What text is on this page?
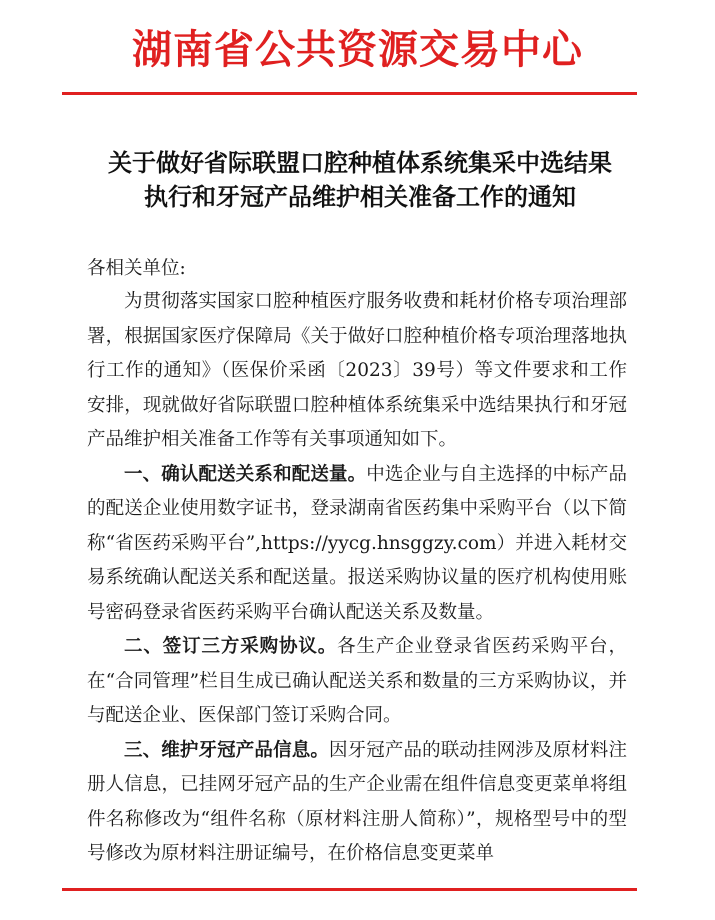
湖南省公共资源交易中心
关于做好省际联盟口腔种植体系统集采中选结果
执行和牙冠产品维护相关准备工作的通知
各相关单位:

为贯彻落实国家口腔种植医疗服务收费和耗材价格专项治理部署，根据国家医疗保障局《关于做好口腔种植价格专项治理落地执行工作的通知》（医保价采函〔2023〕39号）等文件要求和工作安排，现就做好省际联盟口腔种植体系统集采中选结果执行和牙冠产品维护相关准备工作等有关事项通知如下。

一、确认配送关系和配送量。中选企业与自主选择的中标产品的配送企业使用数字证书，登录湖南省医药集中采购平台（以下简称“省医药采购平台”,https://yycg.hnsggzy.com）并进入耗材交易系统确认配送关系和配送量。报送采购协议量的医疗机构使用账号密码登录省医药采购平台确认配送关系及数量。

二、签订三方采购协议。各生产企业登录省医药采购平台，在“合同管理”栏目生成已确认配送关系和数量的三方采购协议，并与配送企业、医保部门签订采购合同。

三、维护牙冠产品信息。因牙冠产品的联动挂网涉及原材料注册人信息，已挂网牙冠产品的生产企业需在组件信息变更菜单将组件名称修改为“组件名称（原材料注册人简称）”，规格型号中的型号修改为原材料注册证编号，在价格信息变更菜单
